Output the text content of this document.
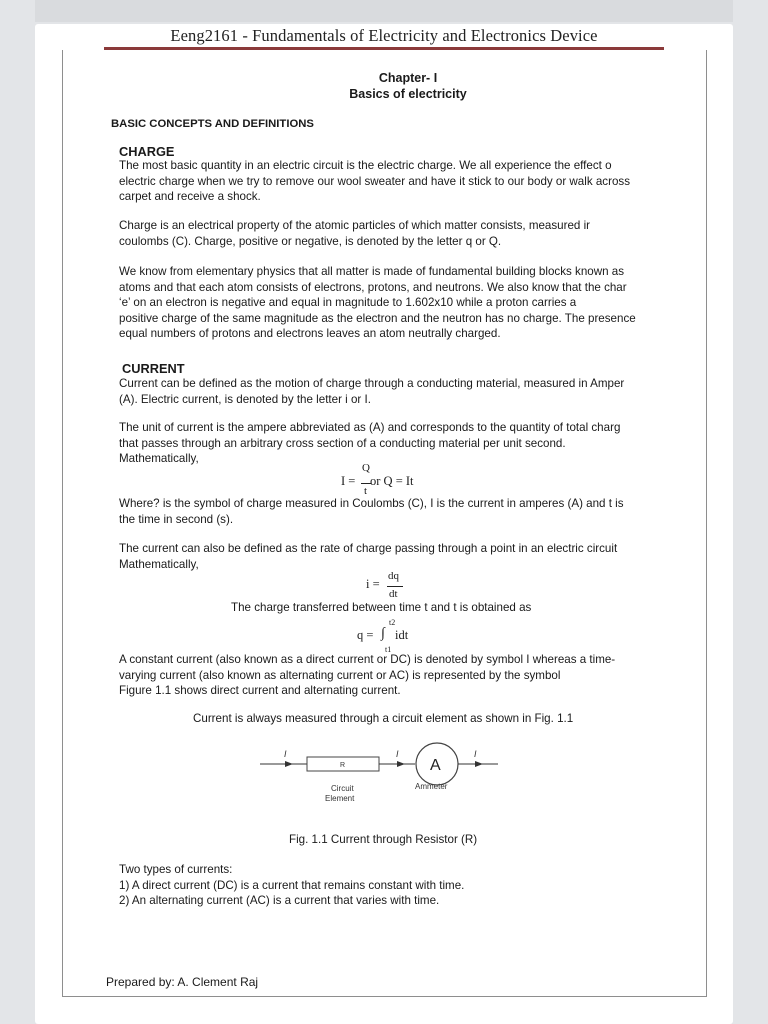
Eeng2161 - Fundamentals of Electricity and Electronics Device
Chapter- I
Basics of electricity
BASIC CONCEPTS AND DEFINITIONS
CHARGE
The most basic quantity in an electric circuit is the electric charge. We all experience the effect o
electric charge when we try to remove our wool sweater and have it stick to our body or walk across
carpet and receive a shock.
Charge is an electrical property of the atomic particles of which matter consists, measured ir
coulombs (C). Charge, positive or negative, is denoted by the letter q or Q.
We know from elementary physics that all matter is made of fundamental building blocks known as
atoms and that each atom consists of electrons, protons, and neutrons. We also know that the char
‘e’ on an electron is negative and equal in magnitude to 1.602x10 while a proton carries a
positive charge of the same magnitude as the electron and the neutron has no charge. The presence
equal numbers of protons and electrons leaves an atom neutrally charged.
CURRENT
Current can be defined as the motion of charge through a conducting material, measured in Amper
(A). Electric current, is denoted by the letter i or I.
The unit of current is the ampere abbreviated as (A) and corresponds to the quantity of total charg
that passes through an arbitrary cross section of a conducting material per unit second.
Mathematically,
I =
Q
t
or Q = It
Where? is the symbol of charge measured in Coulombs (C), I is the current in amperes (A) and t is
the time in second (s).
The current can also be defined as the rate of charge passing through a point in an electric circuit
Mathematically,
i =
dq
dt
The charge transferred between time t and t is obtained as
q = ∫
t2
t1
idt
A constant current (also known as a direct current or DC) is denoted by symbol I whereas a time-
varying current (also known as alternating current or AC) is represented by the symbol
Figure 1.1 shows direct current and alternating current.
Current is always measured through a circuit element as shown in Fig. 1.1
I
R
I
A
I
Circuit
Element
Ammeter
Fig. 1.1 Current through Resistor (R)
Two types of currents:
1) A direct current (DC) is a current that remains constant with time.
2) An alternating current (AC) is a current that varies with time.
Prepared by: A. Clement Raj
